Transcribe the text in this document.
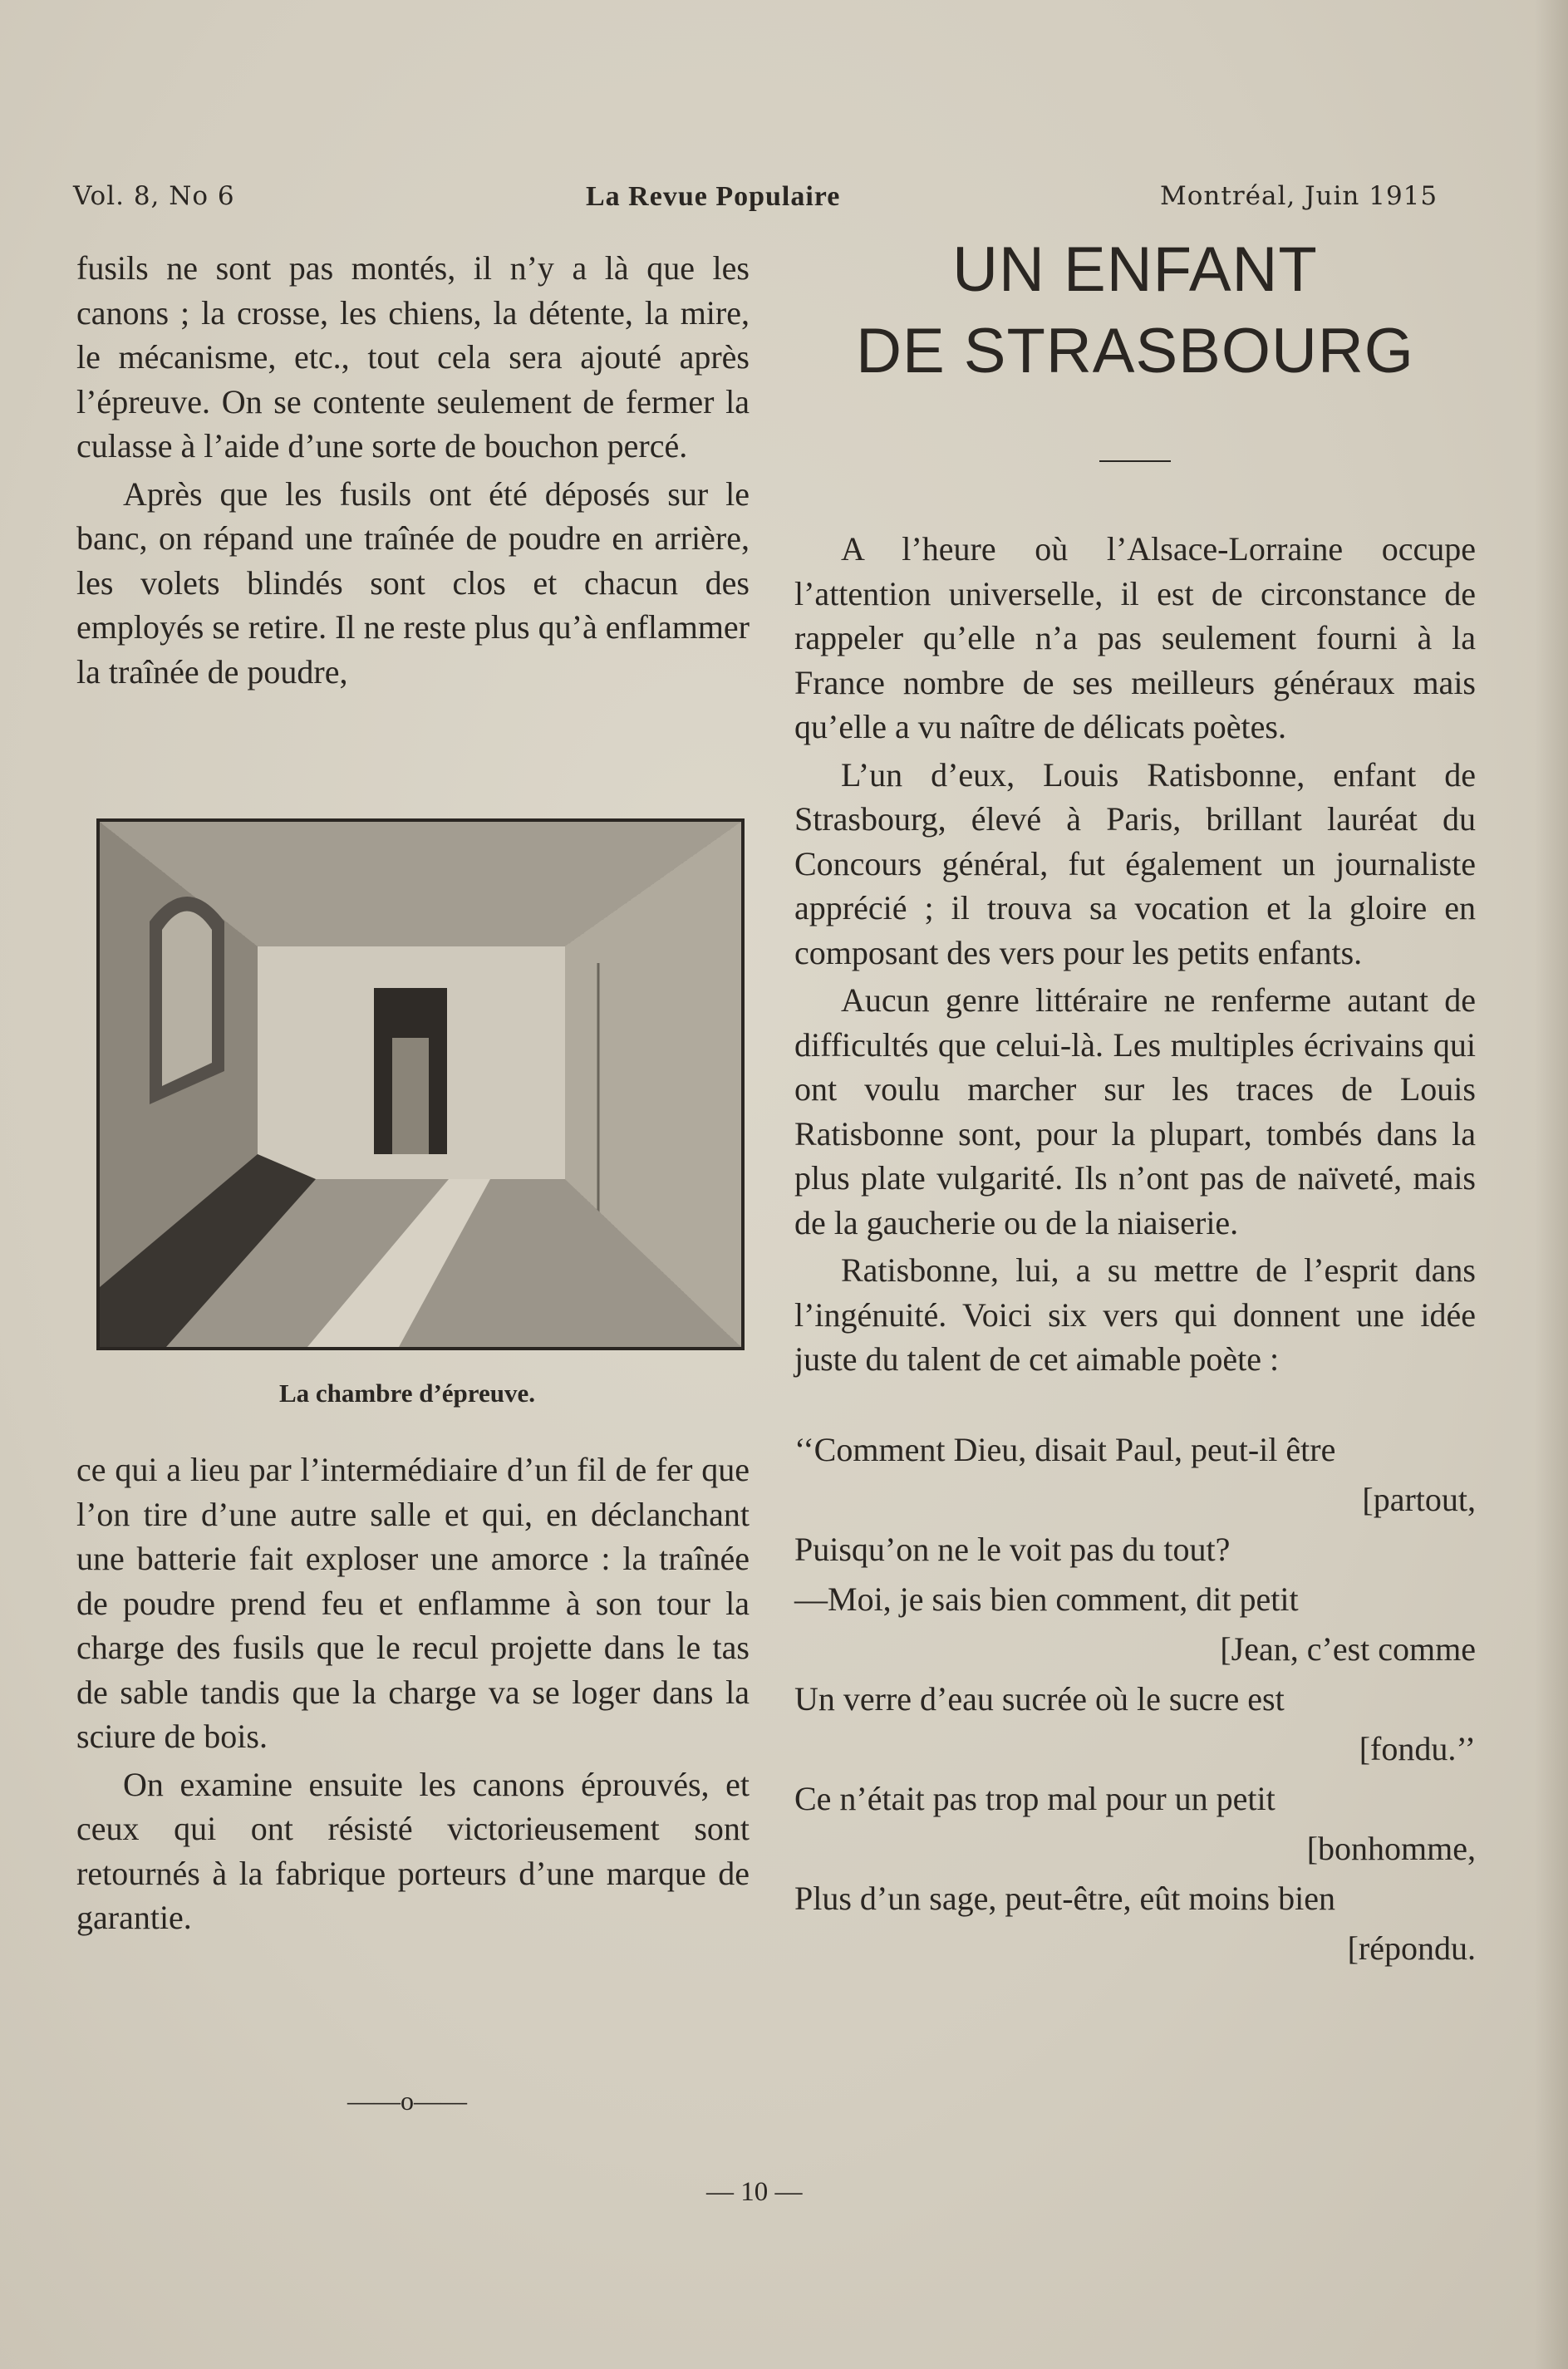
Vol. 8, No 6	La Revue Populaire	Montréal, Juin 1915

fusils ne sont pas montés, il n’y a là que les canons ; la crosse, les chiens, la détente, la mire, le mécanisme, etc., tout cela sera ajouté après l’épreuve. On se contente seulement de fermer la culasse à l’aide d’une sorte de bouchon percé.

Après que les fusils ont été déposés sur le banc, on répand une traînée de poudre en arrière, les volets blindés sont clos et chacun des employés se retire. Il ne reste plus qu’à enflammer la traînée de poudre,

La chambre d’épreuve.

ce qui a lieu par l’intermédiaire d’un fil de fer que l’on tire d’une autre salle et qui, en déclanchant une batterie fait exploser une amorce : la traînée de poudre prend feu et enflamme à son tour la charge des fusils que le recul projette dans le tas de sable tandis que la charge va se loger dans la sciure de bois.

On examine ensuite les canons éprouvés, et ceux qui ont résisté victorieusement sont retournés à la fabrique porteurs d’une marque de garantie.

——o——

UN ENFANT

DE STRASBOURG

A l’heure où l’Alsace-Lorraine occupe l’attention universelle, il est de circonstance de rappeler qu’elle n’a pas seulement fourni à la France nombre de ses meilleurs généraux mais qu’elle a vu naître de délicats poètes.

L’un d’eux, Louis Ratisbonne, enfant de Strasbourg, élevé à Paris, brillant lauréat du Concours général, fut également un journaliste apprécié ; il trouva sa vocation et la gloire en composant des vers pour les petits enfants.

Aucun genre littéraire ne renferme autant de difficultés que celui-là. Les multiples écrivains qui ont voulu marcher sur les traces de Louis Ratisbonne sont, pour la plupart, tombés dans la plus plate vulgarité. Ils n’ont pas de naïveté, mais de la gaucherie ou de la niaiserie.

Ratisbonne, lui, a su mettre de l’esprit dans l’ingénuité. Voici six vers qui donnent une idée juste du talent de cet aimable poète :

‘‘Comment Dieu, disait Paul, peut-il être
[partout,
Puisqu’on ne le voit pas du tout?
—Moi, je sais bien comment, dit petit
[Jean, c’est comme
Un verre d’eau sucrée où le sucre est
[fondu.’’
Ce n’était pas trop mal pour un petit
[bonhomme,
Plus d’un sage, peut-être, eût moins bien
[répondu.
— 10 —
